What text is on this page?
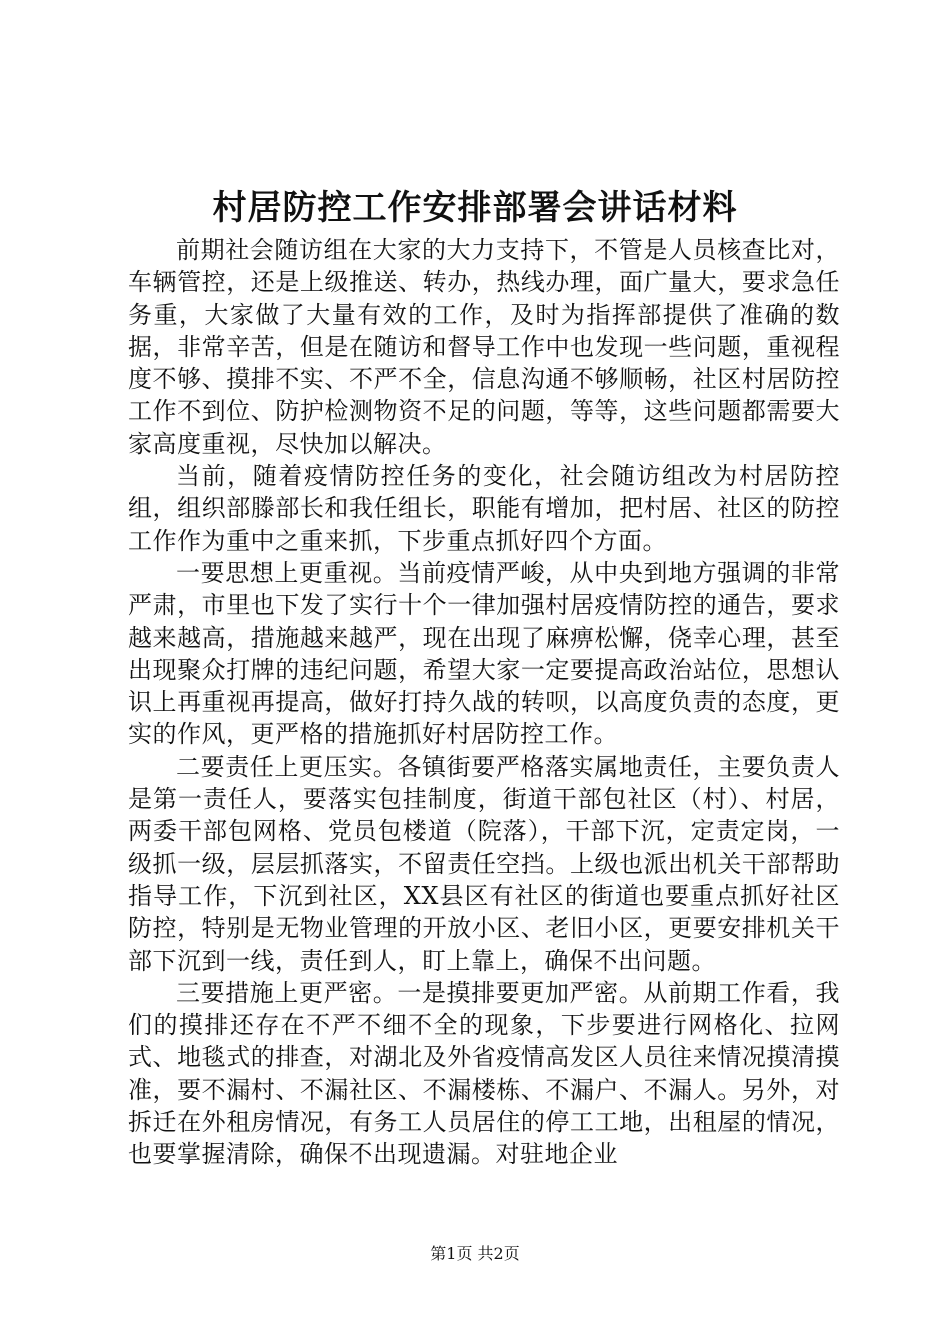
村居防控工作安排部署会讲话材料

前期社会随访组在大家的大力支持下，不管是人员核查比对，车辆管控，还是上级推送、转办，热线办理，面广量大，要求急任务重，大家做了大量有效的工作，及时为指挥部提供了准确的数据，非常辛苦，但是在随访和督导工作中也发现一些问题，重视程度不够、摸排不实、不严不全，信息沟通不够顺畅，社区村居防控工作不到位、防护检测物资不足的问题，等等，这些问题都需要大家高度重视，尽快加以解决。

当前，随着疫情防控任务的变化，社会随访组改为村居防控组，组织部滕部长和我任组长，职能有增加，把村居、社区的防控工作作为重中之重来抓，下步重点抓好四个方面。

一要思想上更重视。当前疫情严峻，从中央到地方强调的非常严肃，市里也下发了实行十个一律加强村居疫情防控的通告，要求越来越高，措施越来越严，现在出现了麻痹松懈，侥幸心理，甚至出现聚众打牌的违纪问题，希望大家一定要提高政治站位，思想认识上再重视再提高，做好打持久战的转呗，以高度负责的态度，更实的作风，更严格的措施抓好村居防控工作。

二要责任上更压实。各镇街要严格落实属地责任，主要负责人是第一责任人，要落实包挂制度，街道干部包社区（村）、村居，两委干部包网格、党员包楼道（院落），干部下沉，定责定岗，一级抓一级，层层抓落实，不留责任空挡。上级也派出机关干部帮助指导工作，下沉到社区，XX县区有社区的街道也要重点抓好社区防控，特别是无物业管理的开放小区、老旧小区，更要安排机关干部下沉到一线，责任到人，盯上靠上，确保不出问题。

三要措施上更严密。一是摸排要更加严密。从前期工作看，我们的摸排还存在不严不细不全的现象，下步要进行网格化、拉网式、地毯式的排查，对湖北及外省疫情高发区人员往来情况摸清摸准，要不漏村、不漏社区、不漏楼栋、不漏户、不漏人。另外，对拆迁在外租房情况，有务工人员居住的停工工地，出租屋的情况，也要掌握清除，确保不出现遗漏。对驻地企业

第1页 共2页
